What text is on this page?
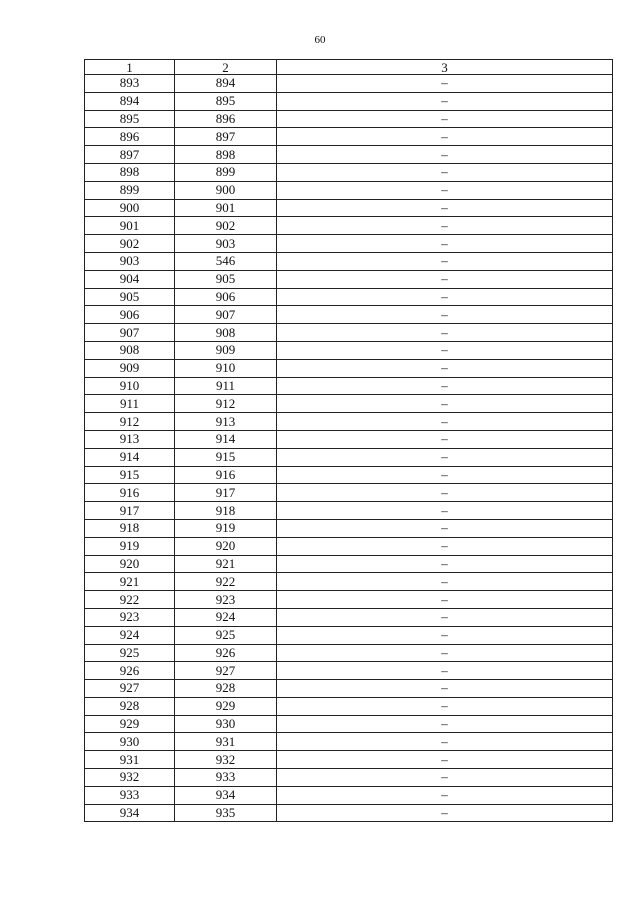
60
1	2	3
893	894	–
894	895	–
895	896	–
896	897	–
897	898	–
898	899	–
899	900	–
900	901	–
901	902	–
902	903	–
903	546	–
904	905	–
905	906	–
906	907	–
907	908	–
908	909	–
909	910	–
910	911	–
911	912	–
912	913	–
913	914	–
914	915	–
915	916	–
916	917	–
917	918	–
918	919	–
919	920	–
920	921	–
921	922	–
922	923	–
923	924	–
924	925	–
925	926	–
926	927	–
927	928	–
928	929	–
929	930	–
930	931	–
931	932	–
932	933	–
933	934	–
934	935	–
